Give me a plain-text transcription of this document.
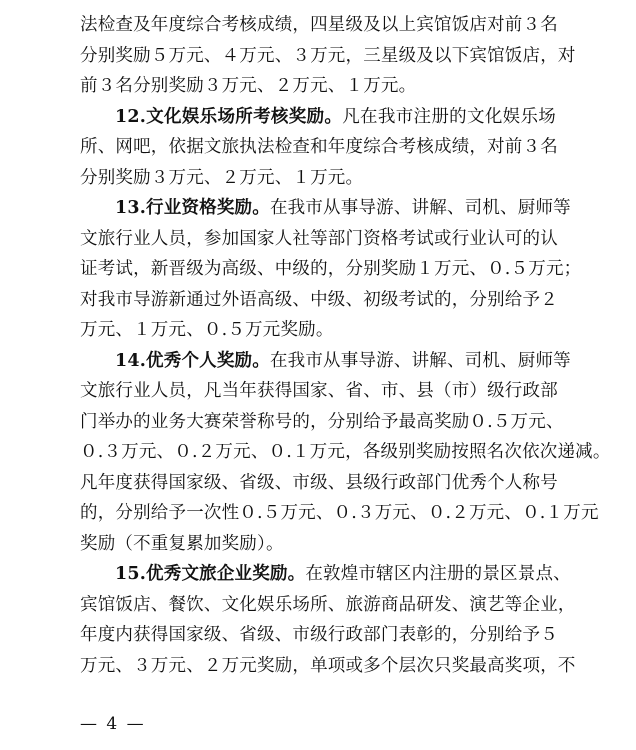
法检查及年度综合考核成绩，四星级及以上宾馆饭店对前３名
分别奖励５万元、４万元、３万元，三星级及以下宾馆饭店，对
前３名分别奖励３万元、２万元、１万元。
12.文化娱乐场所考核奖励。凡在我市注册的文化娱乐场
所、网吧，依据文旅执法检查和年度综合考核成绩，对前３名
分别奖励３万元、２万元、１万元。
13.行业资格奖励。在我市从事导游、讲解、司机、厨师等
文旅行业人员，参加国家人社等部门资格考试或行业认可的认
证考试，新晋级为高级、中级的，分别奖励１万元、０.５万元；
对我市导游新通过外语高级、中级、初级考试的，分别给予２
万元、１万元、０.５万元奖励。
14.优秀个人奖励。在我市从事导游、讲解、司机、厨师等
文旅行业人员，凡当年获得国家、省、市、县（市）级行政部
门举办的业务大赛荣誉称号的，分别给予最高奖励０.５万元、
０.３万元、０.２万元、０.１万元，各级别奖励按照名次依次递减。
凡年度获得国家级、省级、市级、县级行政部门优秀个人称号
的，分别给予一次性０.５万元、０.３万元、０.２万元、０.１万元
奖励（不重复累加奖励）。
15.优秀文旅企业奖励。在敦煌市辖区内注册的景区景点、
宾馆饭店、餐饮、文化娱乐场所、旅游商品研发、演艺等企业，
年度内获得国家级、省级、市级行政部门表彰的，分别给予５
万元、３万元、２万元奖励，单项或多个层次只奖最高奖项，不
— 4 —
